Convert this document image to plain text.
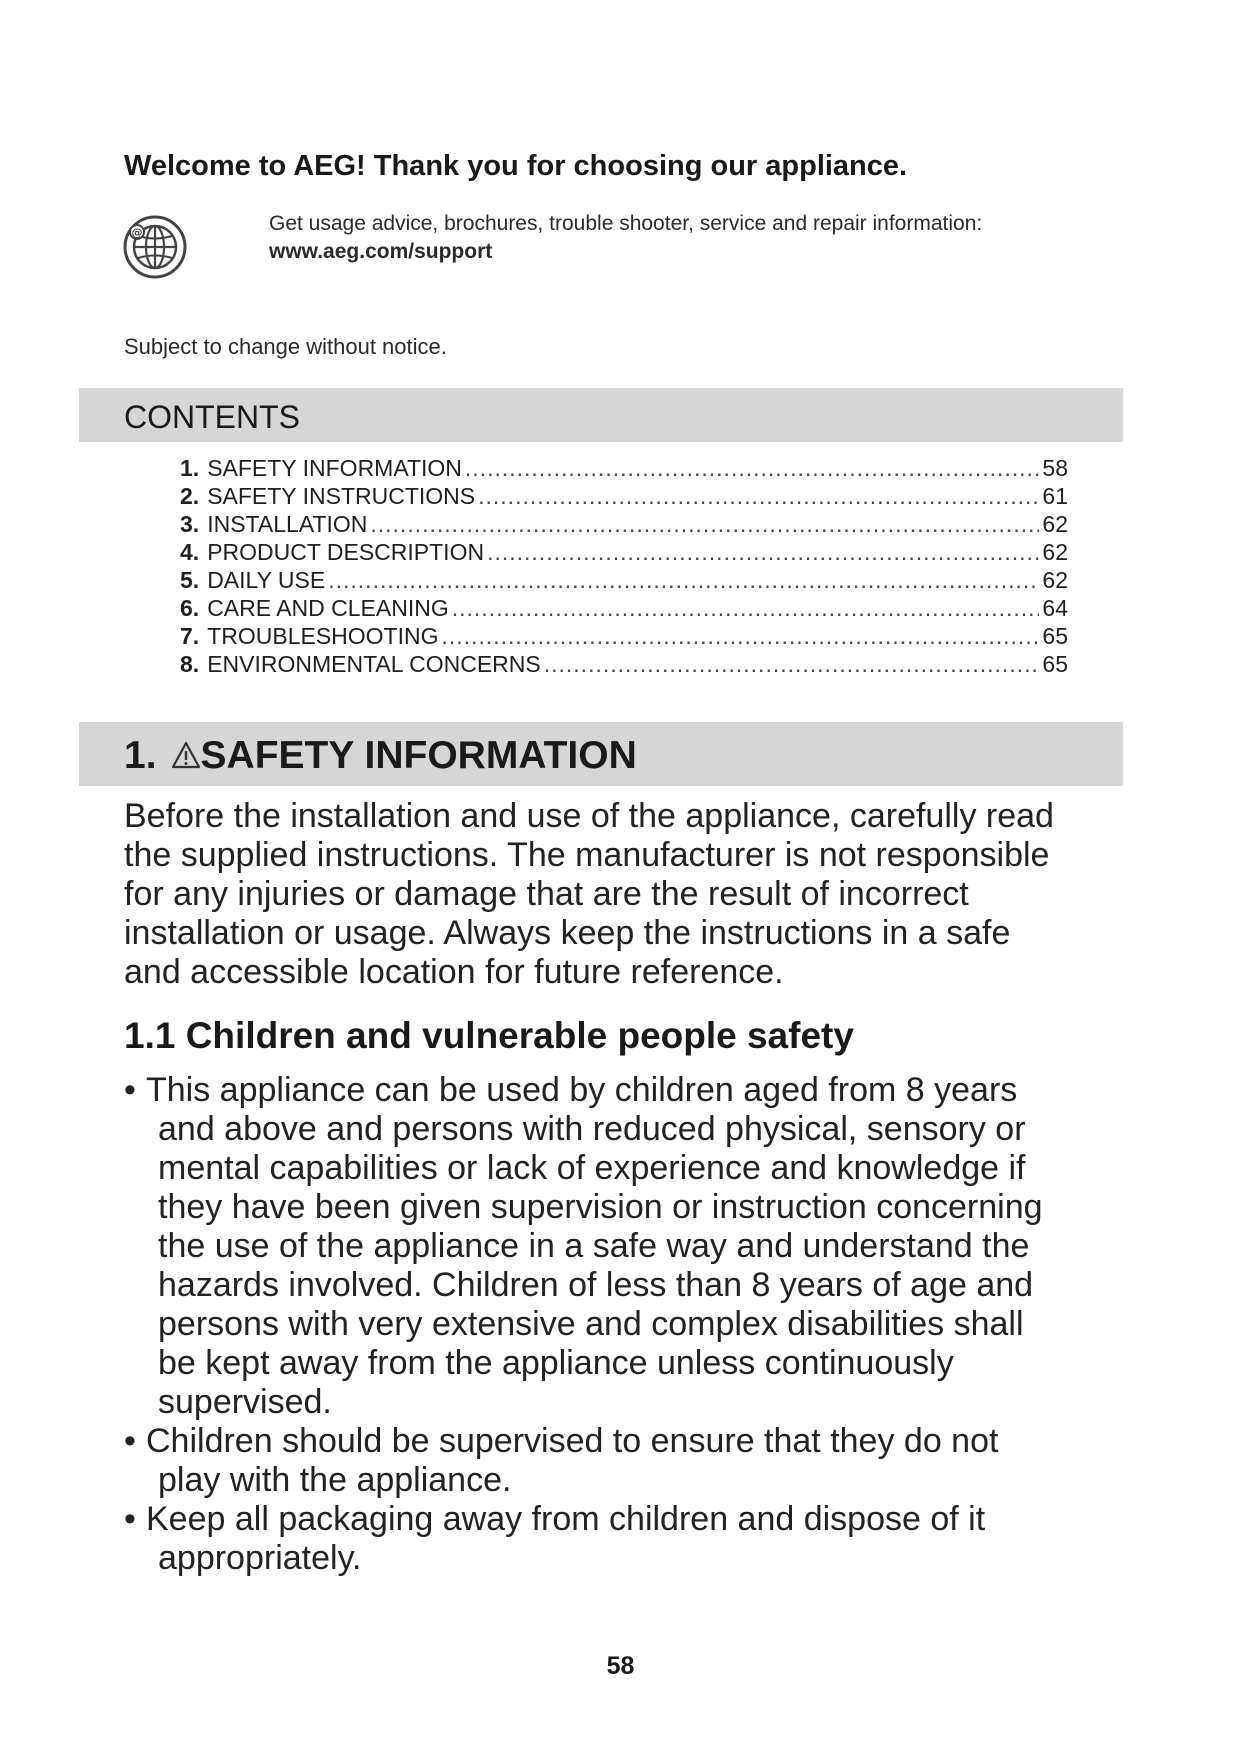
Welcome to AEG! Thank you for choosing our appliance.
@	Get usage advice, brochures, trouble shooter, service and repair information:
www.aeg.com/support
Subject to change without notice.
CONTENTS
1. SAFETY INFORMATION .....	58
2. SAFETY INSTRUCTIONS .....	61
3. INSTALLATION .....	62
4. PRODUCT DESCRIPTION .....	62
5. DAILY USE .....	62
6. CARE AND CLEANING .....	64
7. TROUBLESHOOTING .....	65
8. ENVIRONMENTAL CONCERNS .....	65
1. SAFETY INFORMATION

Before the installation and use of the appliance, carefully read

the supplied instructions. The manufacturer is not responsible

for any injuries or damage that are the result of incorrect

installation or usage. Always keep the instructions in a safe

and accessible location for future reference.

1.1 Children and vulnerable people safety
• This appliance can be used by children aged from 8 years
and above and persons with reduced physical, sensory or
mental capabilities or lack of experience and knowledge if
they have been given supervision or instruction concerning
the use of the appliance in a safe way and understand the
hazards involved. Children of less than 8 years of age and
persons with very extensive and complex disabilities shall
be kept away from the appliance unless continuously
supervised.
• Children should be supervised to ensure that they do not
play with the appliance.
• Keep all packaging away from children and dispose of it
appropriately.
58
